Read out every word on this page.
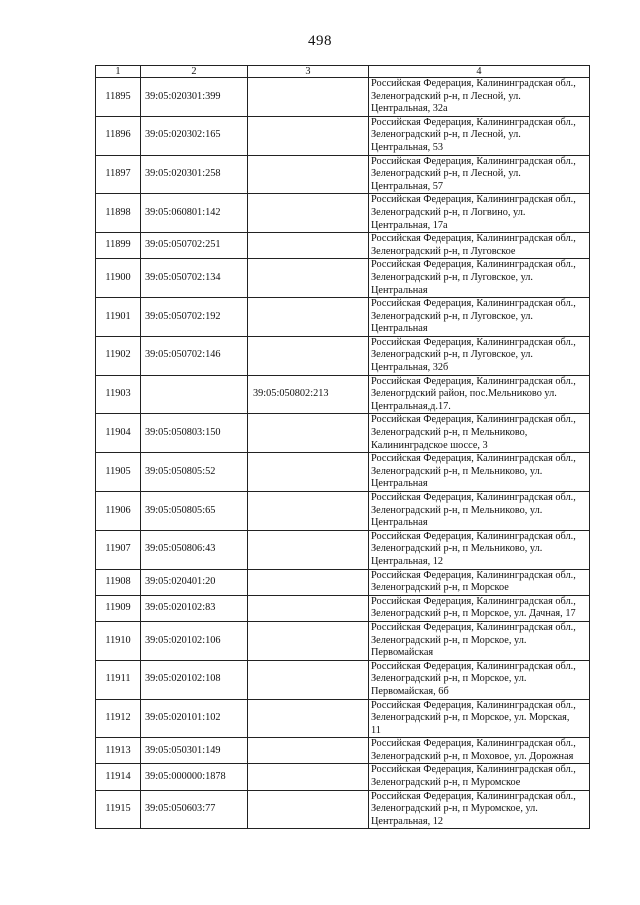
498
1	2	3	4
11895	39:05:020301:399		Российская Федерация, Калининградская обл.,
Зеленоградский р-н, п Лесной, ул.
Центральная, 32а

11896	39:05:020302:165		Российская Федерация, Калининградская обл.,
Зеленоградский р-н, п Лесной, ул.
Центральная, 53

11897	39:05:020301:258		Российская Федерация, Калининградская обл.,
Зеленоградский р-н, п Лесной, ул.
Центральная, 57

11898	39:05:060801:142		Российская Федерация, Калининградская обл.,
Зеленоградский р-н, п Логвино, ул.
Центральная, 17а

11899	39:05:050702:251		Российская Федерация, Калининградская обл.,
Зеленоградский р-н, п Луговское

11900	39:05:050702:134		Российская Федерация, Калининградская обл.,
Зеленоградский р-н, п Луговское, ул.
Центральная

11901	39:05:050702:192		Российская Федерация, Калининградская обл.,
Зеленоградский р-н, п Луговское, ул.
Центральная

11902	39:05:050702:146		Российская Федерация, Калининградская обл.,
Зеленоградский р-н, п Луговское, ул.
Центральная, 32б

11903		39:05:050802:213	Российская Федерация, Калининградская обл.,
Зеленогрдский район, пос.Мельниково ул.
Центральная,д.17.

11904	39:05:050803:150		Российская Федерация, Калининградская обл.,
Зеленоградский р-н, п Мельниково,
Калининградское шоссе, 3

11905	39:05:050805:52		Российская Федерация, Калининградская обл.,
Зеленоградский р-н, п Мельниково, ул.
Центральная

11906	39:05:050805:65		Российская Федерация, Калининградская обл.,
Зеленоградский р-н, п Мельниково, ул.
Центральная

11907	39:05:050806:43		Российская Федерация, Калининградская обл.,
Зеленоградский р-н, п Мельниково, ул.
Центральная, 12

11908	39:05:020401:20		Российская Федерация, Калининградская обл.,
Зеленоградский р-н, п Морское

11909	39:05:020102:83		Российская Федерация, Калининградская обл.,
Зеленоградский р-н, п Морское, ул. Дачная, 17

11910	39:05:020102:106		Российская Федерация, Калининградская обл.,
Зеленоградский р-н, п Морское, ул.
Первомайская

11911	39:05:020102:108		Российская Федерация, Калининградская обл.,
Зеленоградский р-н, п Морское, ул.
Первомайская, 6б

11912	39:05:020101:102		Российская Федерация, Калининградская обл.,
Зеленоградский р-н, п Морское, ул. Морская,
11

11913	39:05:050301:149		Российская Федерация, Калининградская обл.,
Зеленоградский р-н, п Моховое, ул. Дорожная

11914	39:05:000000:1878		Российская Федерация, Калининградская обл.,
Зеленоградский р-н, п Муромское

11915	39:05:050603:77		Российская Федерация, Калининградская обл.,
Зеленоградский р-н, п Муромское, ул.
Центральная, 12
